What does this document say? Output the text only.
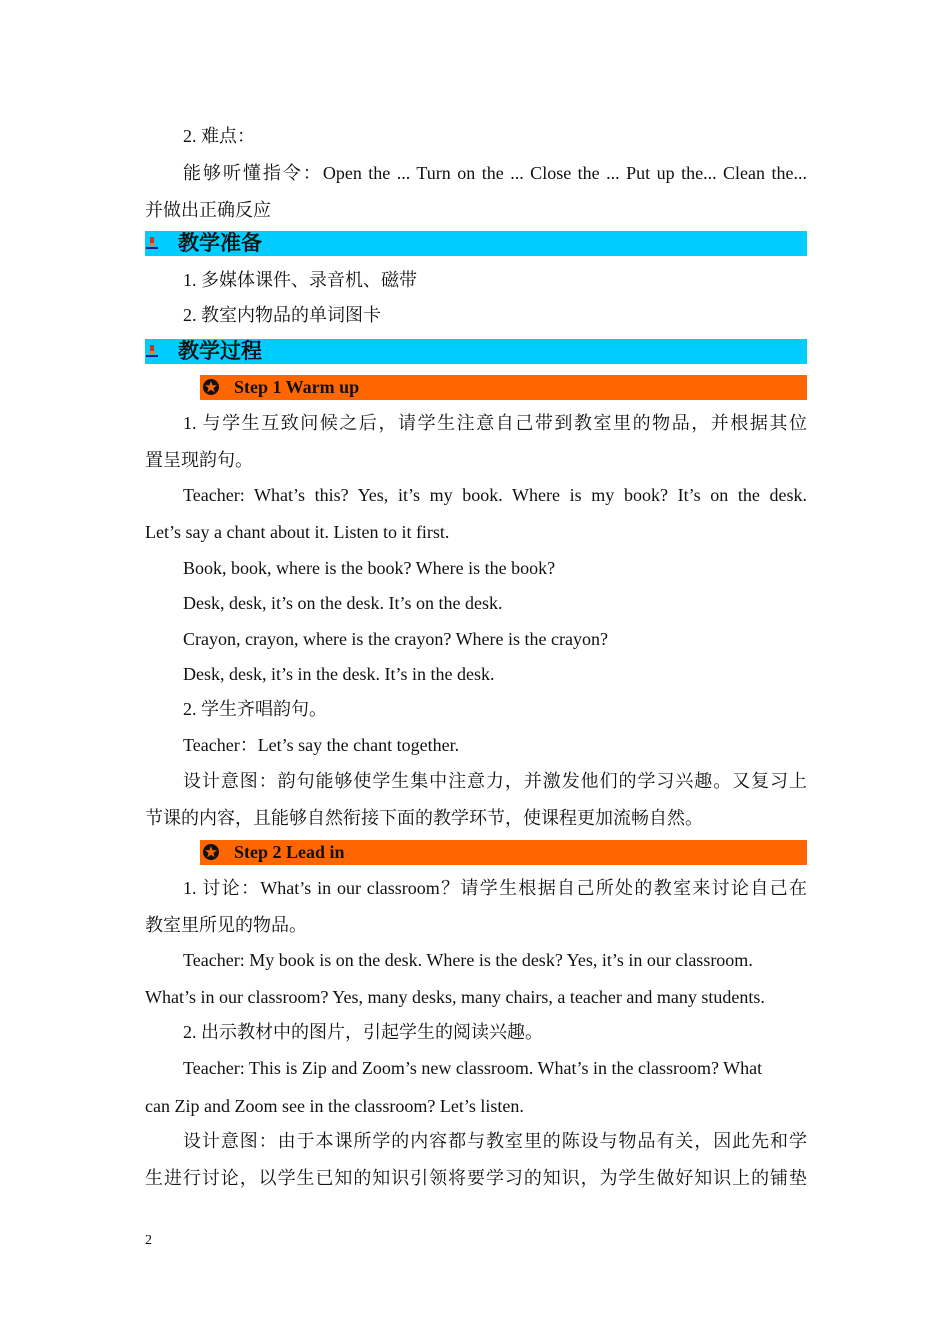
2. 难点：
能够听懂指令：Open the ... Turn on the ... Close the ... Put up the... Clean the...
并做出正确反应
教学准备
1. 多媒体课件、录音机、磁带
2. 教室内物品的单词图卡
教学过程
Step 1 Warm up
1. 与学生互致问候之后，请学生注意自己带到教室里的物品，并根据其位
置呈现韵句。
Teacher: What’s this? Yes, it’s my book. Where is my book? It’s on the desk.
Let’s say a chant about it. Listen to it first.
Book, book, where is the book? Where is the book?
Desk, desk, it’s on the desk. It’s on the desk.
Crayon, crayon, where is the crayon? Where is the crayon?
Desk, desk, it’s in the desk. It’s in the desk.
2. 学生齐唱韵句。
Teacher：Let’s say the chant together.
设计意图：韵句能够使学生集中注意力，并激发他们的学习兴趣。又复习上
节课的内容，且能够自然衔接下面的教学环节，使课程更加流畅自然。
Step 2 Lead in
1. 讨论：What’s in our classroom？请学生根据自己所处的教室来讨论自己在
教室里所见的物品。
Teacher: My book is on the desk. Where is the desk? Yes, it’s in our classroom.
What’s in our classroom? Yes, many desks, many chairs, a teacher and many students.
2. 出示教材中的图片，引起学生的阅读兴趣。
Teacher: This is Zip and Zoom’s new classroom. What’s in the classroom? What
can Zip and Zoom see in the classroom? Let’s listen.
设计意图：由于本课所学的内容都与教室里的陈设与物品有关，因此先和学
生进行讨论，以学生已知的知识引领将要学习的知识，为学生做好知识上的铺垫
2
